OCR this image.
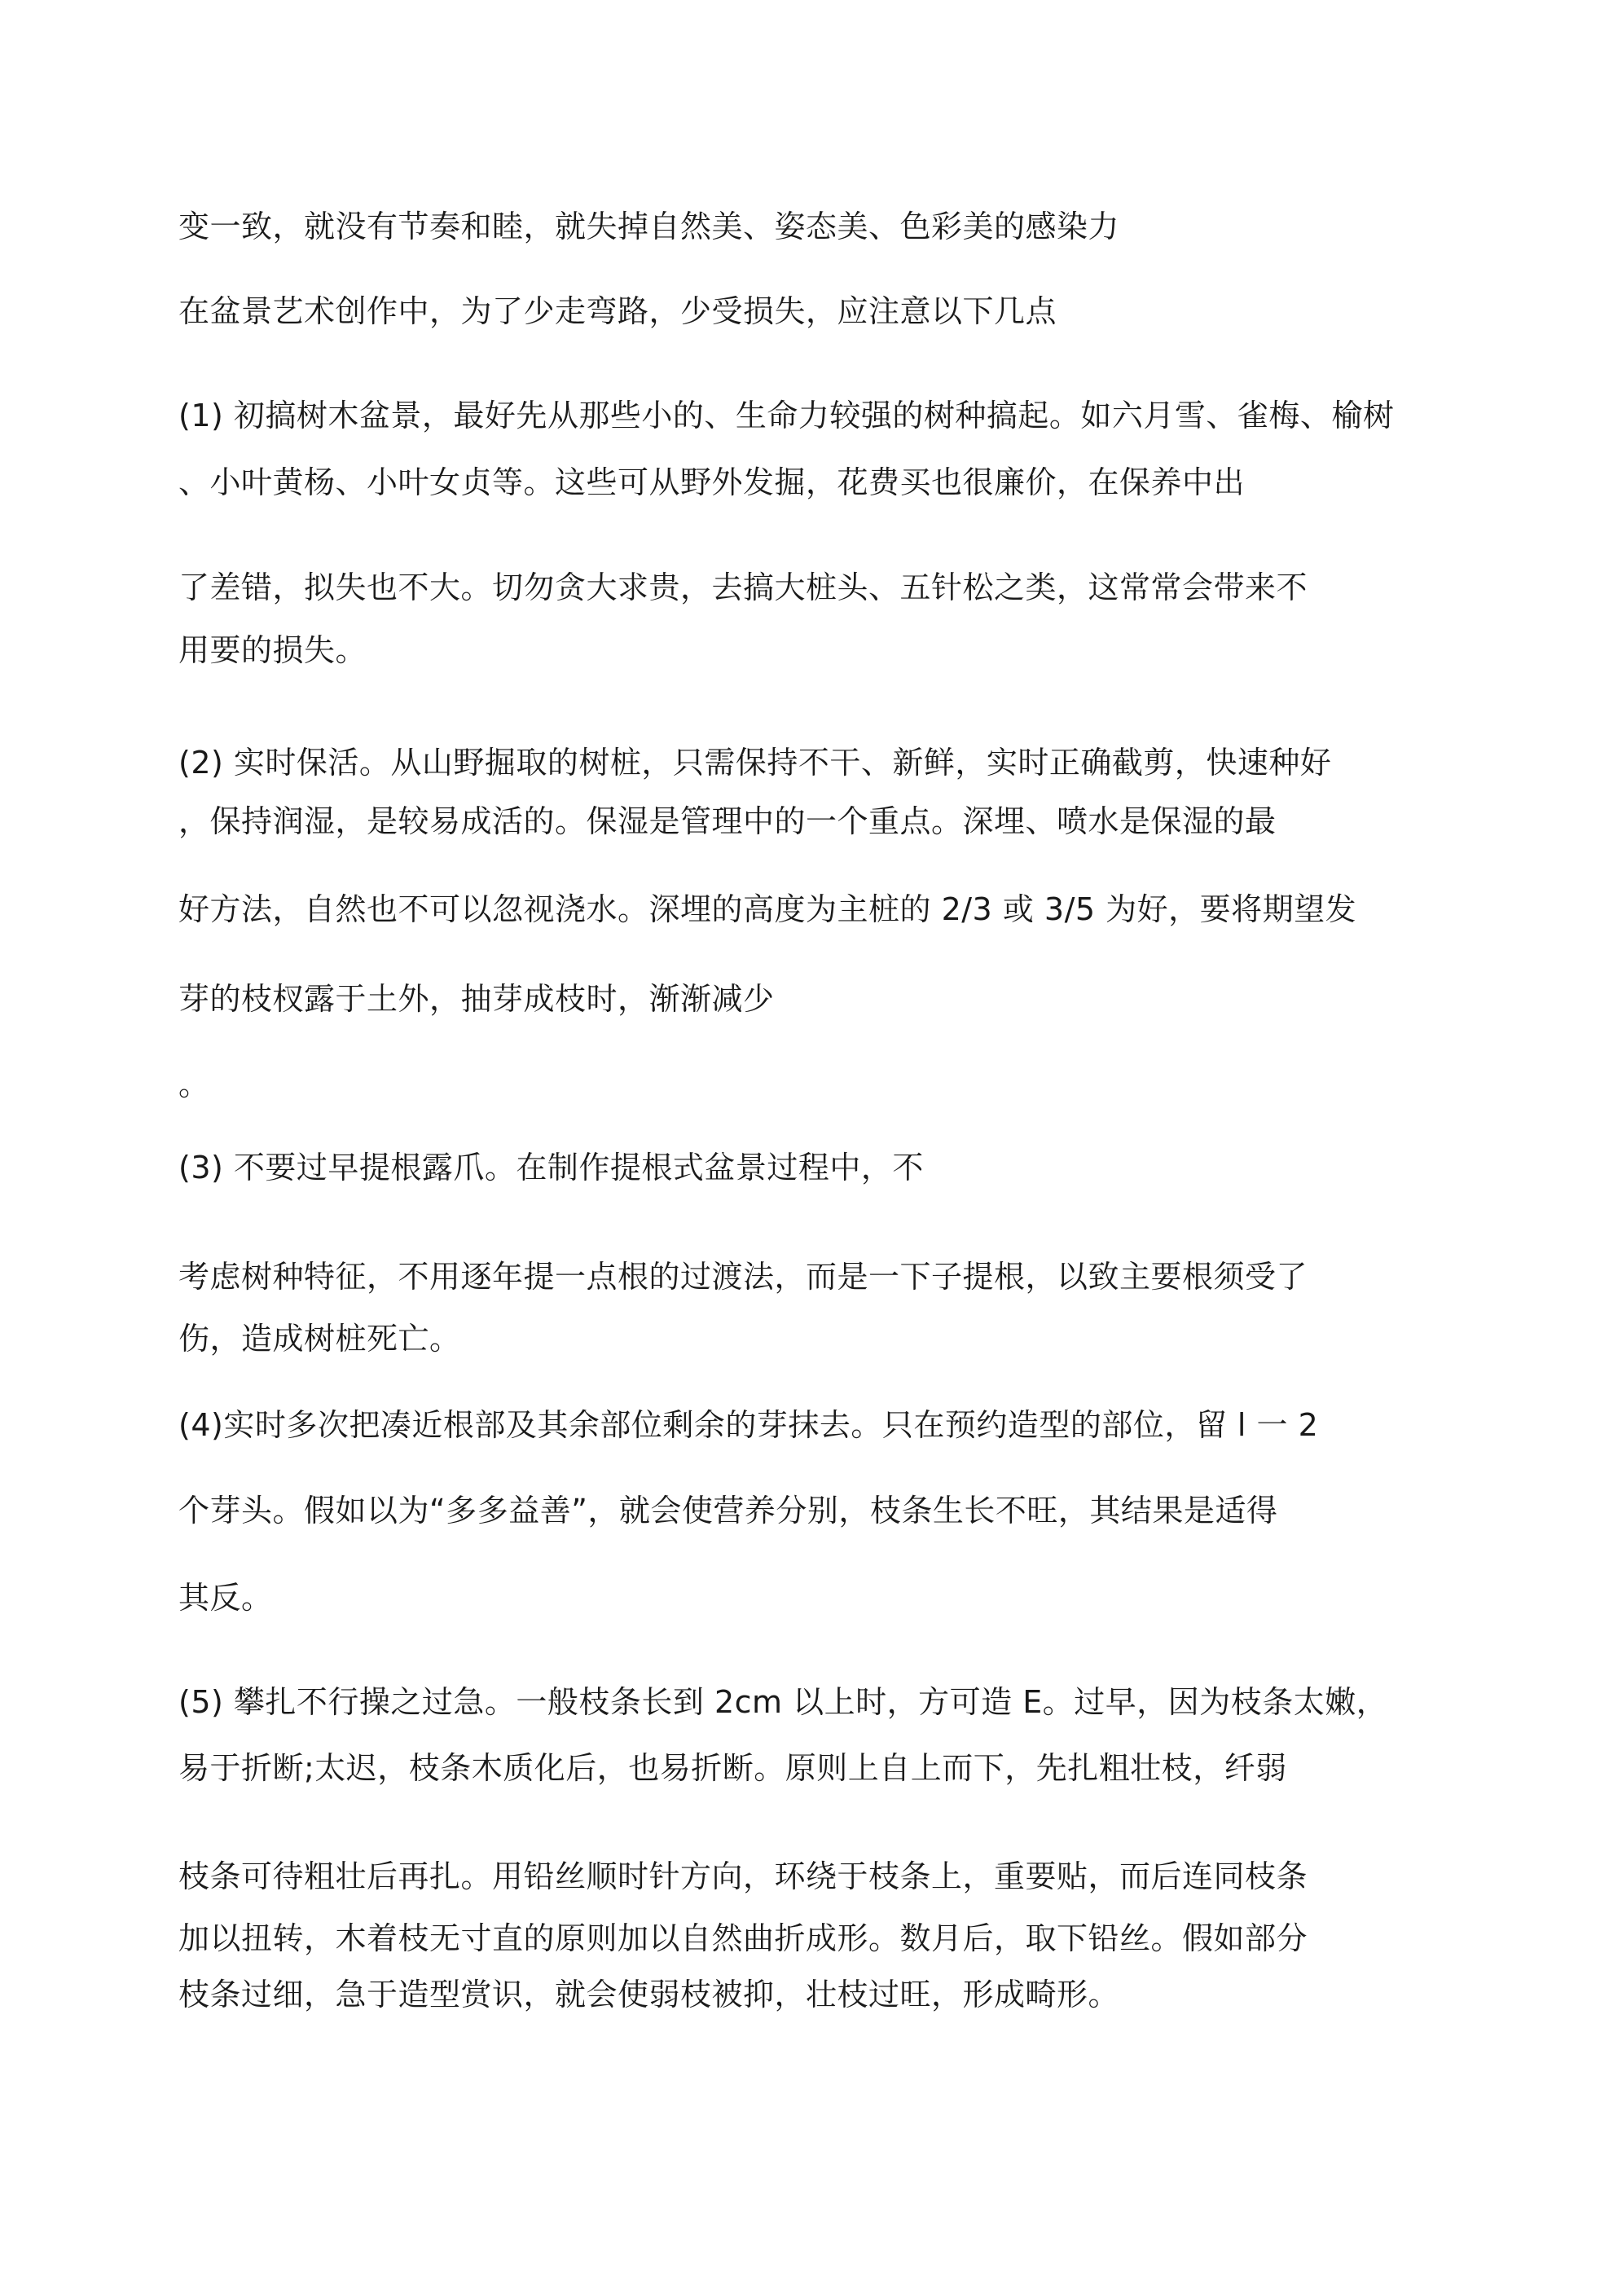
变一致，就没有节奏和睦，就失掉自然美、姿态美、色彩美的感染力
在盆景艺术创作中，为了少走弯路，少受损失，应注意以下几点
(1) 初搞树木盆景，最好先从那些小的、生命力较强的树种搞起。如六月雪、雀梅、榆树
、小叶黄杨、小叶女贞等。这些可从野外发掘，花费买也很廉价，在保养中出
了差错，拟失也不大。切勿贪大求贵，去搞大桩头、五针松之类，这常常会带来不
用要的损失。
(2) 实时保活。从山野掘取的树桩，只需保持不干、新鲜，实时正确截剪，快速种好
，保持润湿，是较易成活的。保湿是管理中的一个重点。深埋、喷水是保湿的最
好方法，自然也不可以忽视浇水。深埋的高度为主桩的 2/3 或 3/5 为好，要将期望发
芽的枝杈露于土外，抽芽成枝时，渐渐减少
。
(3) 不要过早提根露爪。在制作提根式盆景过程中，不
考虑树种特征，不用逐年提一点根的过渡法，而是一下子提根，以致主要根须受了
伤，造成树桩死亡。
(4)实时多次把凑近根部及其余部位剩余的芽抹去。只在预约造型的部位，留 l 一 2
个芽头。假如以为“多多益善”，就会使营养分别，枝条生长不旺，其结果是适得
其反。
(5) 攀扎不行操之过急。一般枝条长到 2cm 以上时，方可造 E。过早，因为枝条太嫩，
易于折断;太迟，枝条木质化后，也易折断。原则上自上而下，先扎粗壮枝，纤弱
枝条可待粗壮后再扎。用铅丝顺时针方向，环绕于枝条上，重要贴，而后连同枝条
加以扭转，木着枝无寸直的原则加以自然曲折成形。数月后，取下铅丝。假如部分
枝条过细，急于造型赏识，就会使弱枝被抑，壮枝过旺，形成畸形。
